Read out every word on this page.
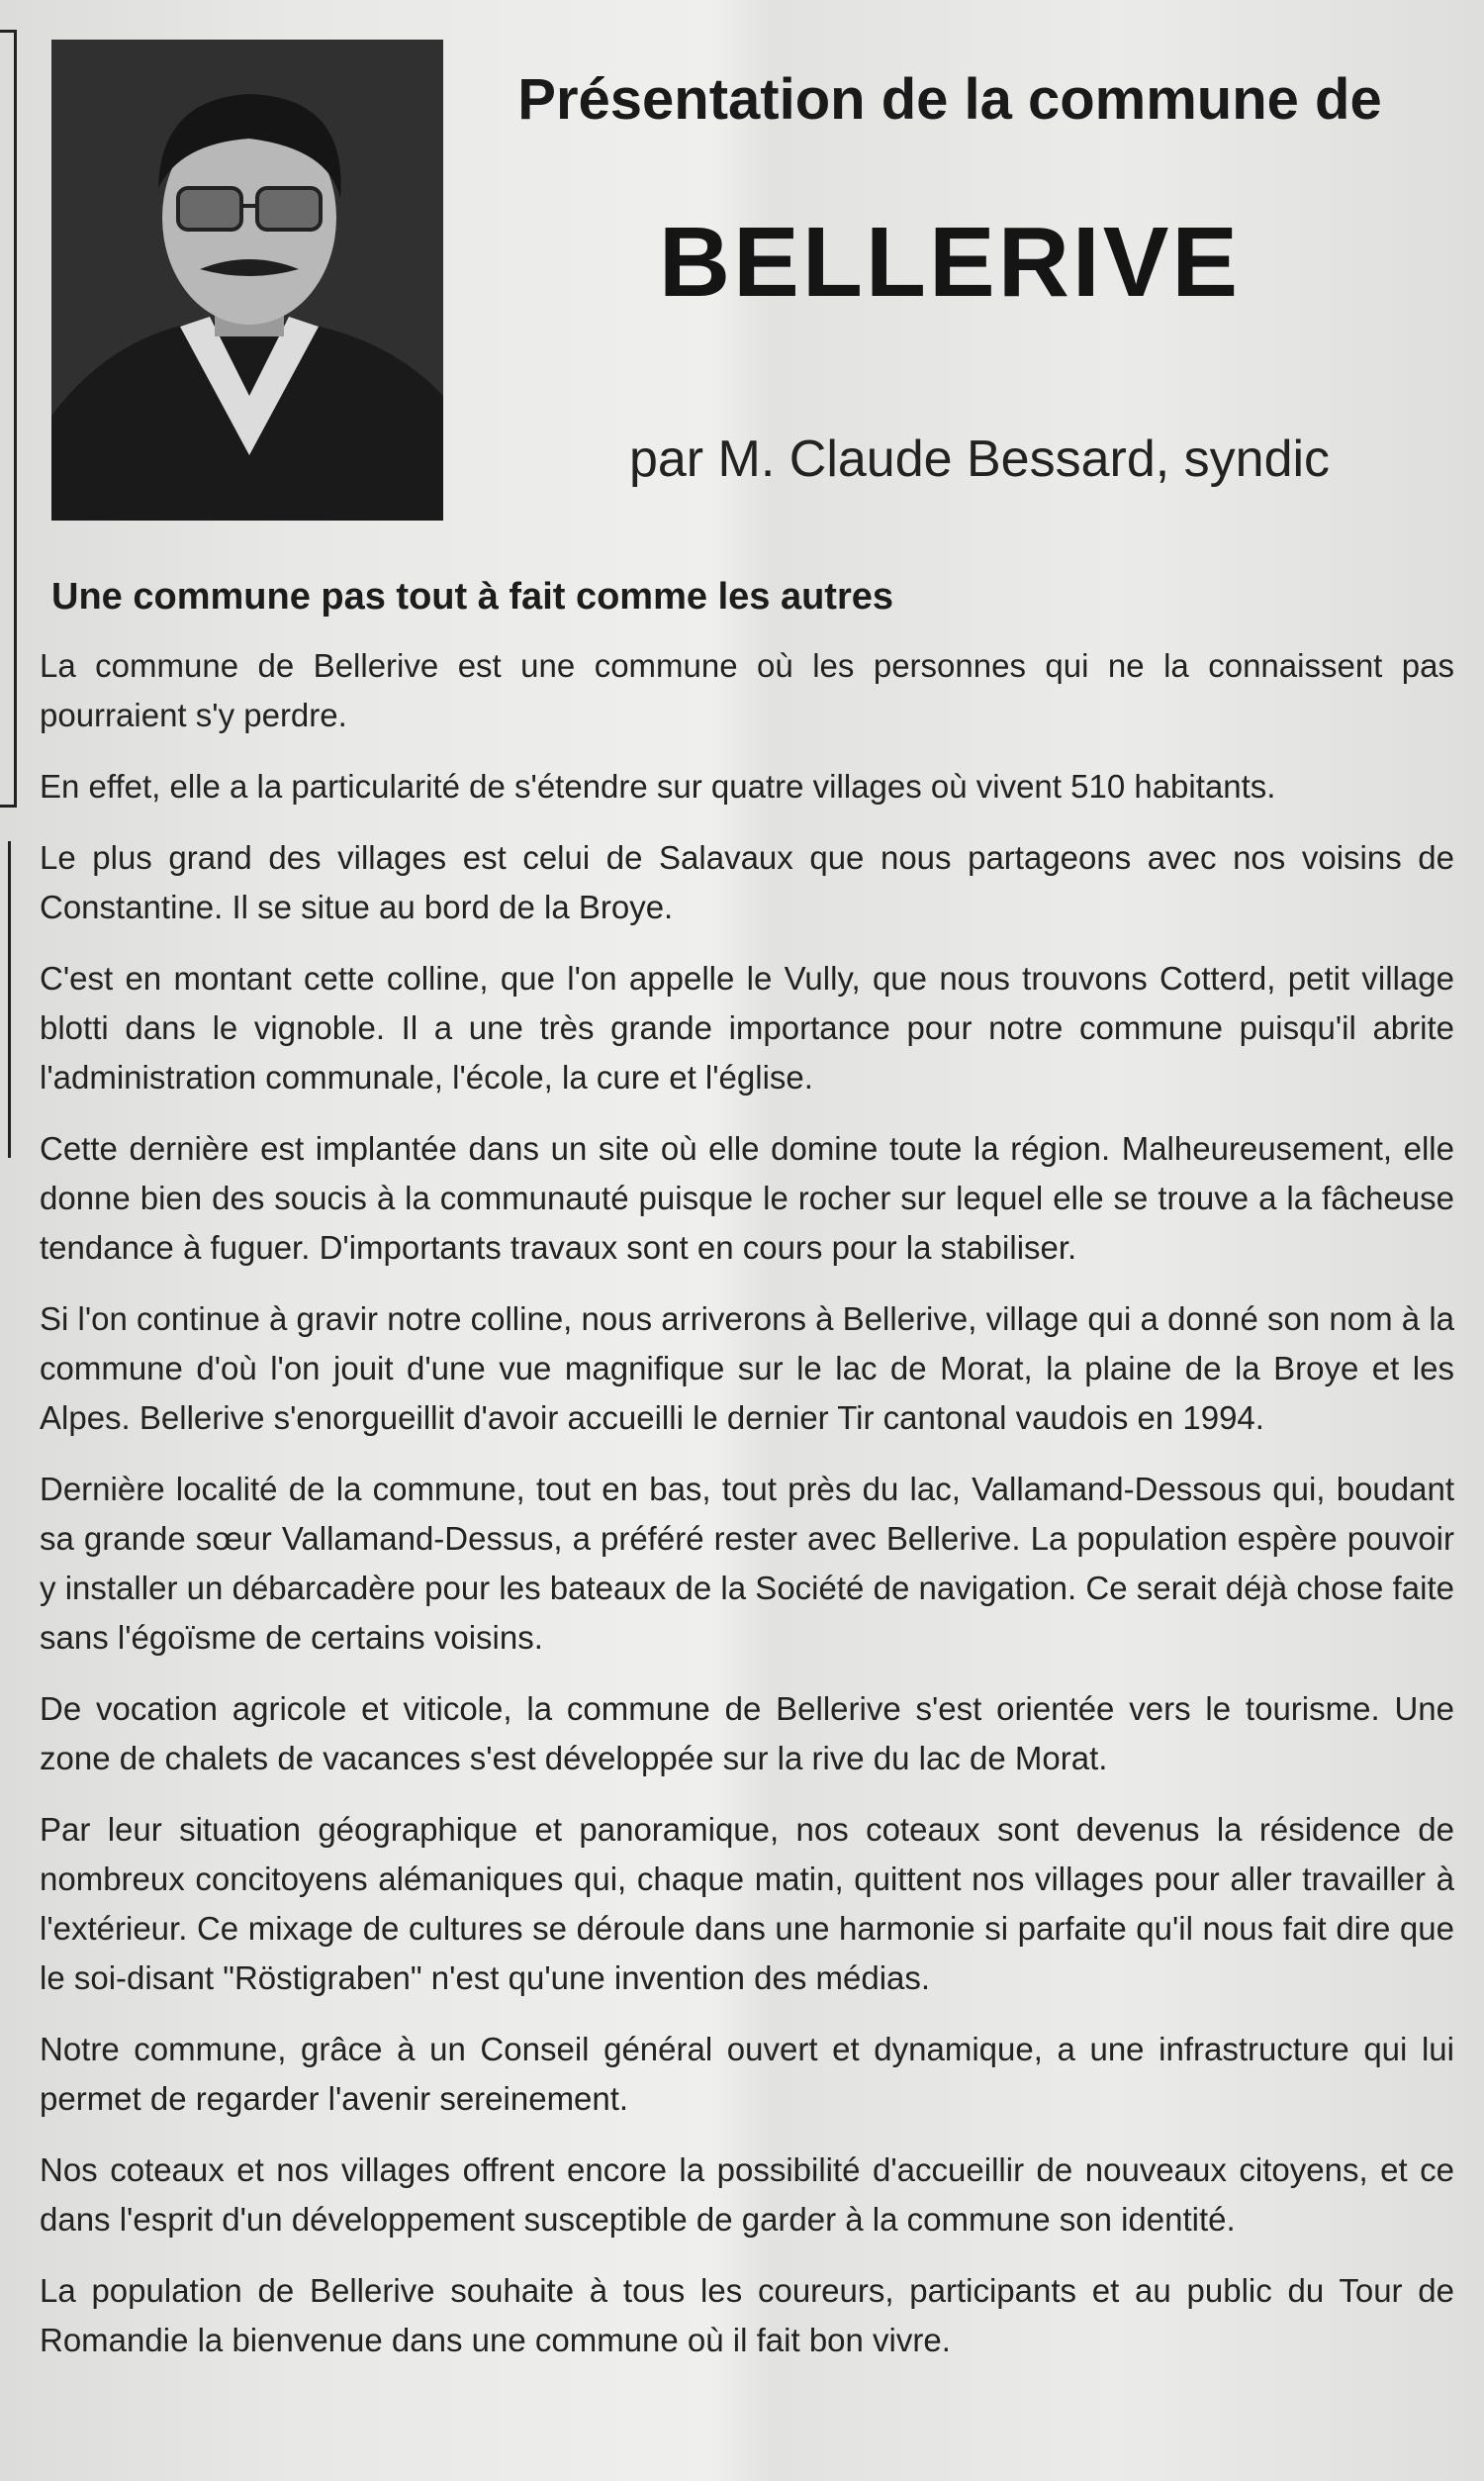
Présentation de la commune de
BELLERIVE
par M. Claude Bessard, syndic
Une commune pas tout à fait comme les autres

La commune de Bellerive est une commune où les personnes qui ne la connaissent pas pourraient s'y perdre.

En effet, elle a la particularité de s'étendre sur quatre villages où vivent 510 habitants.

Le plus grand des villages est celui de Salavaux que nous partageons avec nos voisins de Constantine. Il se situe au bord de la Broye.

C'est en montant cette colline, que l'on appelle le Vully, que nous trouvons Cotterd, petit village blotti dans le vignoble. Il a une très grande importance pour notre commune puisqu'il abrite l'administration communale, l'école, la cure et l'église.

Cette dernière est implantée dans un site où elle domine toute la région. Malheureusement, elle donne bien des soucis à la communauté puisque le rocher sur lequel elle se trouve a la fâcheuse tendance à fuguer. D'importants travaux sont en cours pour la stabiliser.

Si l'on continue à gravir notre colline, nous arriverons à Bellerive, village qui a donné son nom à la commune d'où l'on jouit d'une vue magnifique sur le lac de Morat, la plaine de la Broye et les Alpes. Bellerive s'enorgueillit d'avoir accueilli le dernier Tir cantonal vaudois en 1994.

Dernière localité de la commune, tout en bas, tout près du lac, Vallamand-Dessous qui, boudant sa grande sœur Vallamand-Dessus, a préféré rester avec Bellerive. La population espère pouvoir y installer un débarcadère pour les bateaux de la Société de navigation. Ce serait déjà chose faite sans l'égoïsme de certains voisins.

De vocation agricole et viticole, la commune de Bellerive s'est orientée vers le tourisme. Une zone de chalets de vacances s'est développée sur la rive du lac de Morat.

Par leur situation géographique et panoramique, nos coteaux sont devenus la résidence de nombreux concitoyens alémaniques qui, chaque matin, quittent nos villages pour aller travailler à l'extérieur. Ce mixage de cultures se déroule dans une harmonie si parfaite qu'il nous fait dire que le soi-disant "Röstigraben" n'est qu'une invention des médias.

Notre commune, grâce à un Conseil général ouvert et dynamique, a une infrastructure qui lui permet de regarder l'avenir sereinement.

Nos coteaux et nos villages offrent encore la possibilité d'accueillir de nouveaux citoyens, et ce dans l'esprit d'un développement susceptible de garder à la commune son identité.

La population de Bellerive souhaite à tous les coureurs, participants et au public du Tour de Romandie la bienvenue dans une commune où il fait bon vivre.
